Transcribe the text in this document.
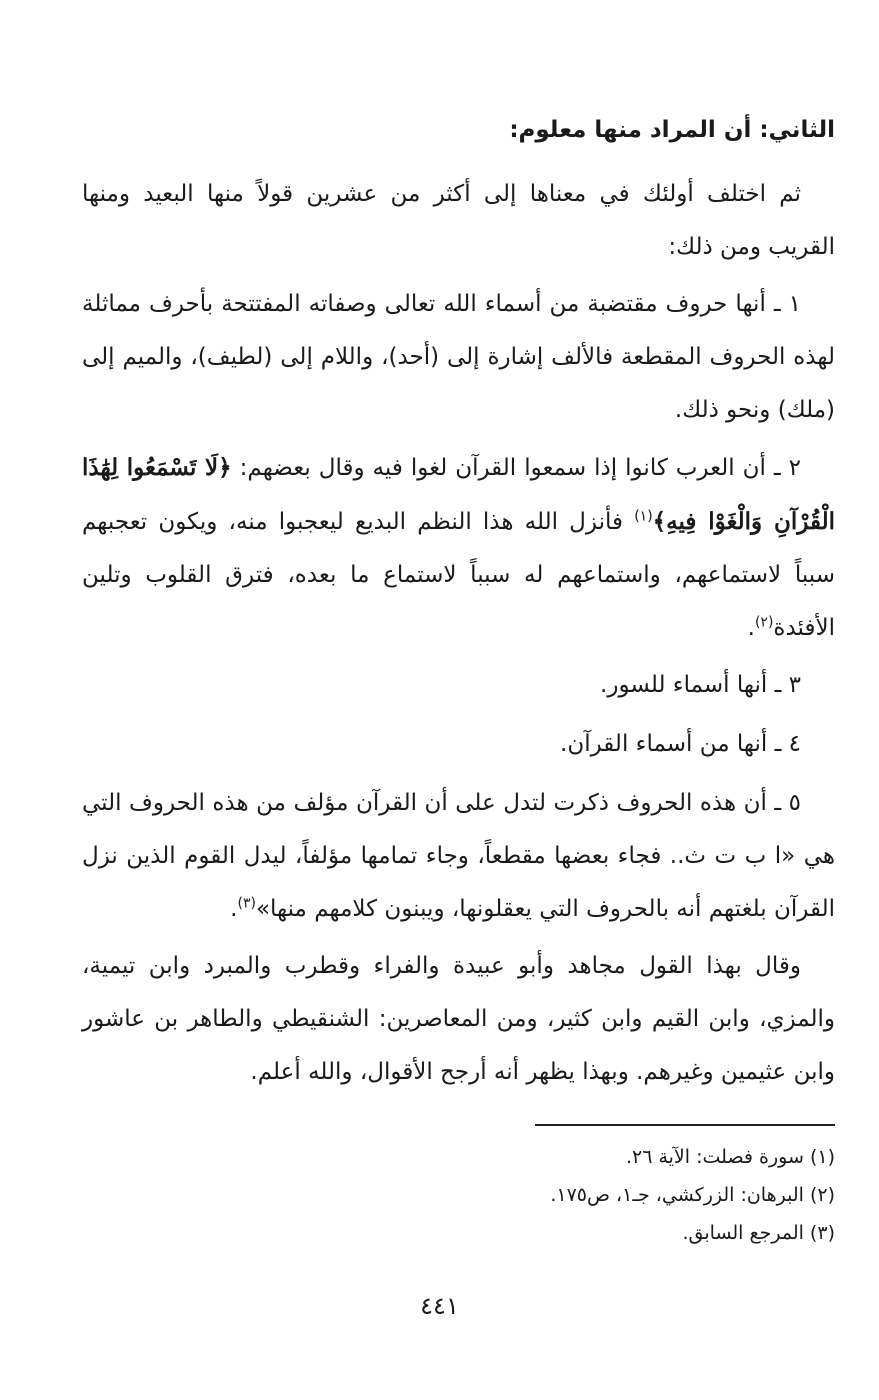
الثاني: أن المراد منها معلوم:

ثم اختلف أولئك في معناها إلى أكثر من عشرين قولاً منها البعيد ومنها القريب ومن ذلك:

١ ـ أنها حروف مقتضبة من أسماء الله تعالى وصفاته المفتتحة بأحرف مماثلة لهذه الحروف المقطعة فالألف إشارة إلى (أحد)، واللام إلى (لطيف)، والميم إلى (ملك) ونحو ذلك.

٢ ـ أن العرب كانوا إذا سمعوا القرآن لغوا فيه وقال بعضهم: ﴿لَا تَسْمَعُوا لِهَٰذَا الْقُرْآنِ وَالْغَوْا فِيهِ﴾$^{(١)}$ فأنزل الله هذا النظم البديع ليعجبوا منه، ويكون تعجبهم سبباً لاستماعهم، واستماعهم له سبباً لاستماع ما بعده، فترق القلوب وتلين الأفئدة$^{(٢)}$.

٣ ـ أنها أسماء للسور.

٤ ـ أنها من أسماء القرآن.

٥ ـ أن هذه الحروف ذكرت لتدل على أن القرآن مؤلف من هذه الحروف التي هي «ا ب ت ث.. فجاء بعضها مقطعاً، وجاء تمامها مؤلفاً، ليدل القوم الذين نزل القرآن بلغتهم أنه بالحروف التي يعقلونها، ويبنون كلامهم منها»$^{(٣)}$.

وقال بهذا القول مجاهد وأبو عبيدة والفراء وقطرب والمبرد وابن تيمية، والمزي، وابن القيم وابن كثير، ومن المعاصرين: الشنقيطي والطاهر بن عاشور وابن عثيمين وغيرهم. وبهذا يظهر أنه أرجح الأقوال، والله أعلم.

(١) سورة فصلت: الآية ٢٦.

(٢) البرهان: الزركشي، جـ١، ص١٧٥.

(٣) المرجع السابق.

٤٤١
